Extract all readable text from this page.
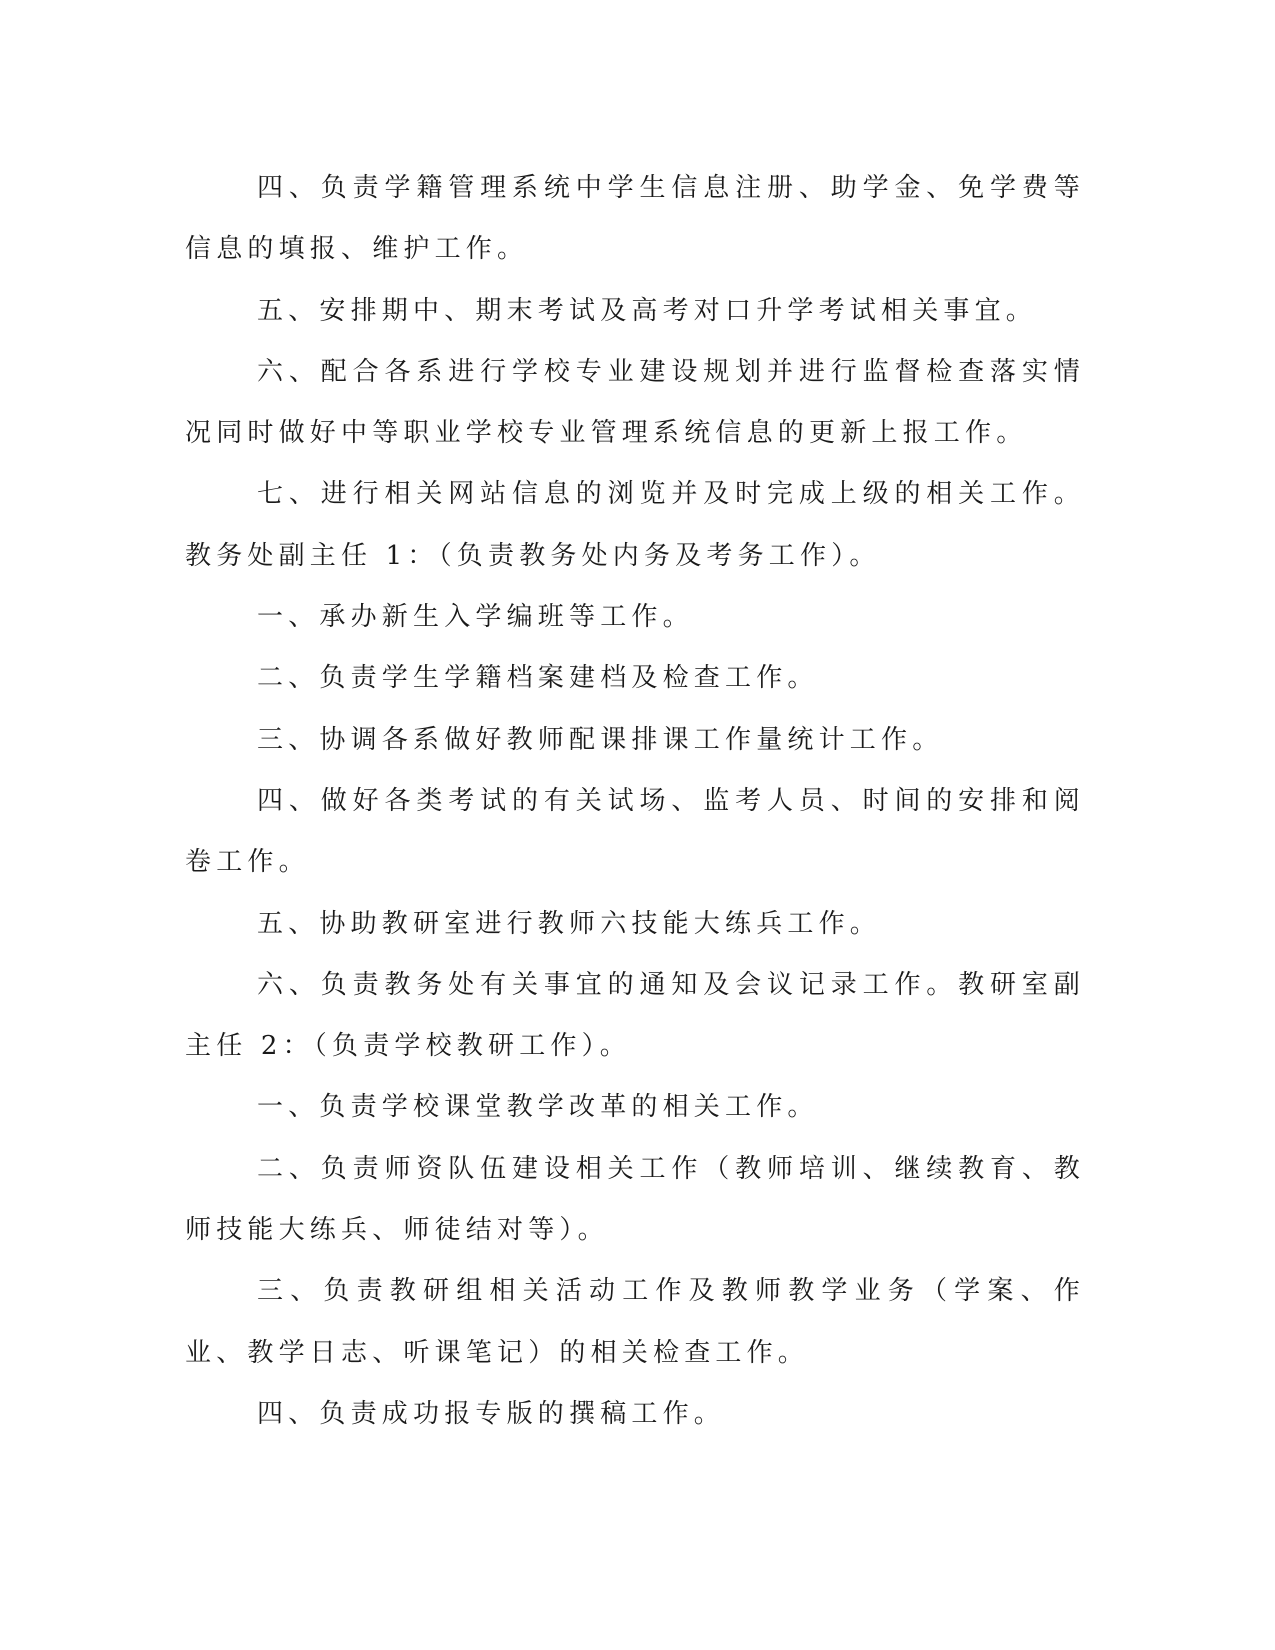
四、负责学籍管理系统中学生信息注册、助学金、免学费等信息的填报、维护工作。

五、安排期中、期末考试及高考对口升学考试相关事宜。

六、配合各系进行学校专业建设规划并进行监督检查落实情况同时做好中等职业学校专业管理系统信息的更新上报工作。

七、进行相关网站信息的浏览并及时完成上级的相关工作。教务处副主任 1：（负责教务处内务及考务工作）。

一、承办新生入学编班等工作。

二、负责学生学籍档案建档及检查工作。

三、协调各系做好教师配课排课工作量统计工作。

四、做好各类考试的有关试场、监考人员、时间的安排和阅卷工作。

五、协助教研室进行教师六技能大练兵工作。

六、负责教务处有关事宜的通知及会议记录工作。教研室副主任 2：（负责学校教研工作）。

一、负责学校课堂教学改革的相关工作。

二、负责师资队伍建设相关工作（教师培训、继续教育、教师技能大练兵、师徒结对等）。

三、负责教研组相关活动工作及教师教学业务（学案、作业、教学日志、听课笔记）的相关检查工作。

四、负责成功报专版的撰稿工作。
